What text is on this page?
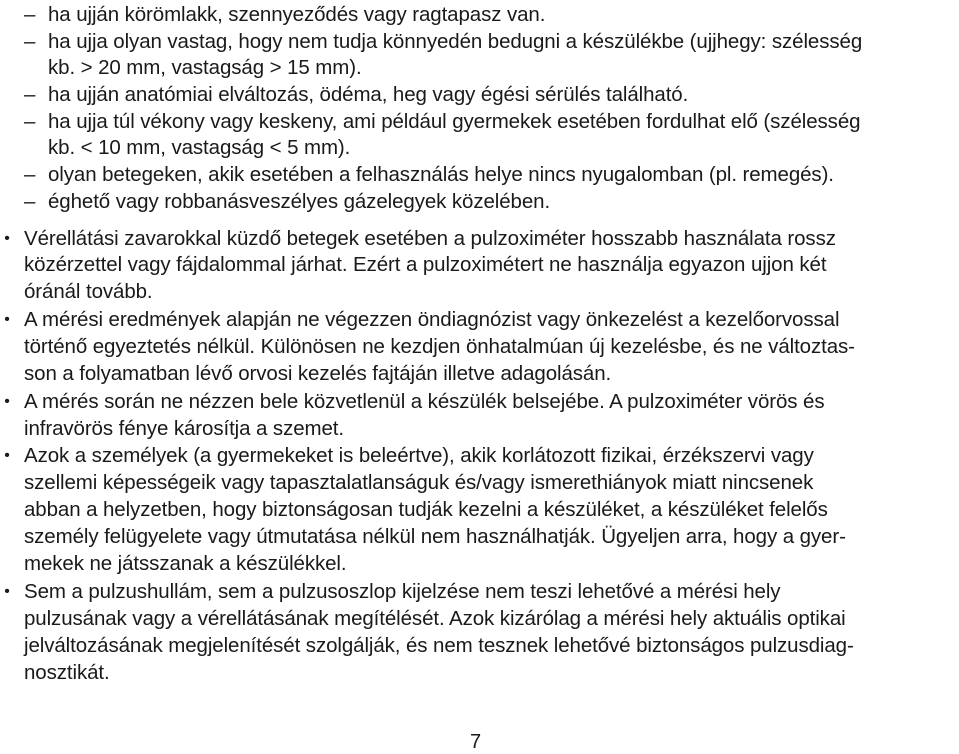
– ha ujján körömlakk, szennyeződés vagy ragtapasz van.
– ha ujja olyan vastag, hogy nem tudja könnyedén bedugni a készülékbe (ujjhegy: szélesség
kb. > 20 mm, vastagság > 15 mm).
– ha ujján anatómiai elváltozás, ödéma, heg vagy égési sérülés található.
– ha ujja túl vékony vagy keskeny, ami például gyermekek esetében fordulhat elő (szélesség
kb. < 10 mm, vastagság < 5 mm).
– olyan betegeken, akik esetében a felhasználás helye nincs nyugalomban (pl. remegés).
– éghető vagy robbanásveszélyes gázelegyek közelében.
• Vérellátási zavarokkal küzdő betegek esetében a pulzoximéter hosszabb használata rossz
közérzettel vagy fájdalommal járhat. Ezért a pulzoximétert ne használja egyazon ujjon két
óránál tovább.
• A mérési eredmények alapján ne végezzen öndiagnózist vagy önkezelést a kezelőorvossal
történő egyeztetés nélkül. Különösen ne kezdjen önhatalmúan új kezelésbe, és ne változtas-
son a folyamatban lévő orvosi kezelés fajtáján illetve adagolásán.
• A mérés során ne nézzen bele közvetlenül a készülék belsejébe. A pulzoximéter vörös és
infravörös fénye károsítja a szemet.
• Azok a személyek (a gyermekeket is beleértve), akik korlátozott fizikai, érzékszervi vagy
szellemi képességeik vagy tapasztalatlanságuk és/vagy ismerethiányok miatt nincsenek
abban a helyzetben, hogy biztonságosan tudják kezelni a készüléket, a készüléket felelős
személy felügyelete vagy útmutatása nélkül nem használhatják. Ügyeljen arra, hogy a gyer-
mekek ne játsszanak a készülékkel.
• Sem a pulzushullám, sem a pulzusoszlop kijelzése nem teszi lehetővé a mérési hely
pulzusának vagy a vérellátásának megítélését. Azok kizárólag a mérési hely aktuális optikai
jelváltozásának megjelenítését szolgálják, és nem tesznek lehetővé biztonságos pulzusdiag-
nosztikát.
7
